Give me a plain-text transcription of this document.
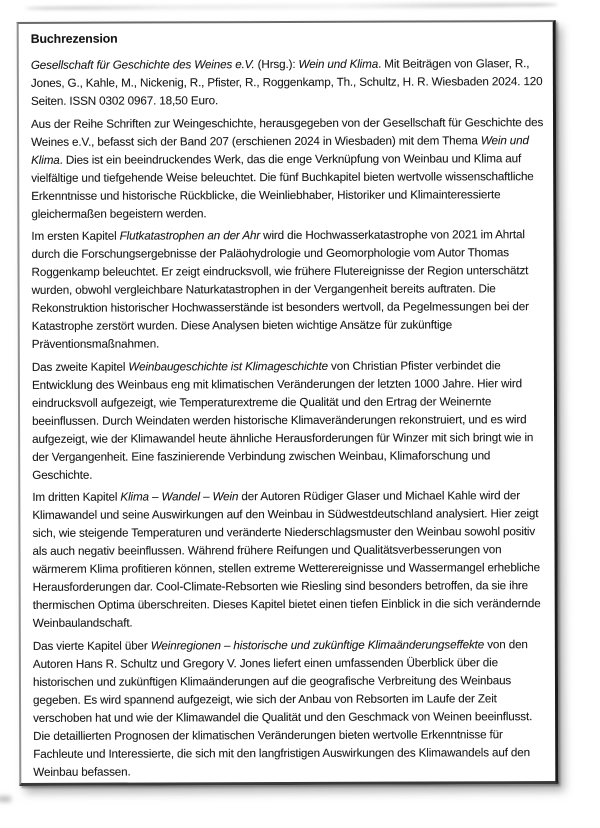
Buchrezension

Gesellschaft für Geschichte des Weines e.V. (Hrsg.): Wein und Klima. Mit Beiträgen von Glaser, R., Jones, G., Kahle, M., Nickenig, R., Pfister, R., Roggenkamp, Th., Schultz, H. R. Wiesbaden 2024. 120 Seiten. ISSN 0302 0967. 18,50 Euro.

Aus der Reihe Schriften zur Weingeschichte, herausgegeben von der Gesellschaft für Geschichte des Weines e.V., befasst sich der Band 207 (erschienen 2024 in Wiesbaden) mit dem Thema Wein und Klima. Dies ist ein beeindruckendes Werk, das die enge Verknüpfung von Weinbau und Klima auf vielfältige und tiefgehende Weise beleuchtet. Die fünf Buchkapitel bieten wertvolle wissenschaftliche Erkenntnisse und historische Rückblicke, die Weinliebhaber, Historiker und Klimainteressierte gleichermaßen begeistern werden.

Im ersten Kapitel Flutkatastrophen an der Ahr wird die Hochwasserkatastrophe von 2021 im Ahrtal durch die Forschungsergebnisse der Paläohydrologie und Geomorphologie vom Autor Thomas Roggenkamp beleuchtet. Er zeigt eindrucksvoll, wie frühere Flutereignisse der Region unterschätzt wurden, obwohl vergleichbare Naturkatastrophen in der Vergangenheit bereits auftraten. Die Rekonstruktion historischer Hochwasserstände ist besonders wertvoll, da Pegelmessungen bei der Katastrophe zerstört wurden. Diese Analysen bieten wichtige Ansätze für zukünftige Präventionsmaßnahmen.

Das zweite Kapitel Weinbaugeschichte ist Klimageschichte von Christian Pfister verbindet die Entwicklung des Weinbaus eng mit klimatischen Veränderungen der letzten 1000 Jahre. Hier wird eindrucksvoll aufgezeigt, wie Temperaturextreme die Qualität und den Ertrag der Weinernte beeinflussen. Durch Weindaten werden historische Klimaveränderungen rekonstruiert, und es wird aufgezeigt, wie der Klimawandel heute ähnliche Herausforderungen für Winzer mit sich bringt wie in der Vergangenheit. Eine faszinierende Verbindung zwischen Weinbau, Klimaforschung und Geschichte.

Im dritten Kapitel Klima – Wandel – Wein der Autoren Rüdiger Glaser und Michael Kahle wird der Klimawandel und seine Auswirkungen auf den Weinbau in Südwestdeutschland analysiert. Hier zeigt sich, wie steigende Temperaturen und veränderte Niederschlagsmuster den Weinbau sowohl positiv als auch negativ beeinflussen. Während frühere Reifungen und Qualitätsverbesserungen von wärmerem Klima profitieren können, stellen extreme Wetterereignisse und Wassermangel erhebliche Herausforderungen dar. Cool-Climate-Rebsorten wie Riesling sind besonders betroffen, da sie ihre thermischen Optima überschreiten. Dieses Kapitel bietet einen tiefen Einblick in die sich verändernde Weinbaulandschaft.

Das vierte Kapitel über Weinregionen – historische und zukünftige Klimaänderungseffekte von den Autoren Hans R. Schultz und Gregory V. Jones liefert einen umfassenden Überblick über die historischen und zukünftigen Klimaänderungen auf die geografische Verbreitung des Weinbaus gegeben. Es wird spannend aufgezeigt, wie sich der Anbau von Rebsorten im Laufe der Zeit verschoben hat und wie der Klimawandel die Qualität und den Geschmack von Weinen beeinflusst. Die detaillierten Prognosen der klimatischen Veränderungen bieten wertvolle Erkenntnisse für Fachleute und Interessierte, die sich mit den langfristigen Auswirkungen des Klimawandels auf den Weinbau befassen.
